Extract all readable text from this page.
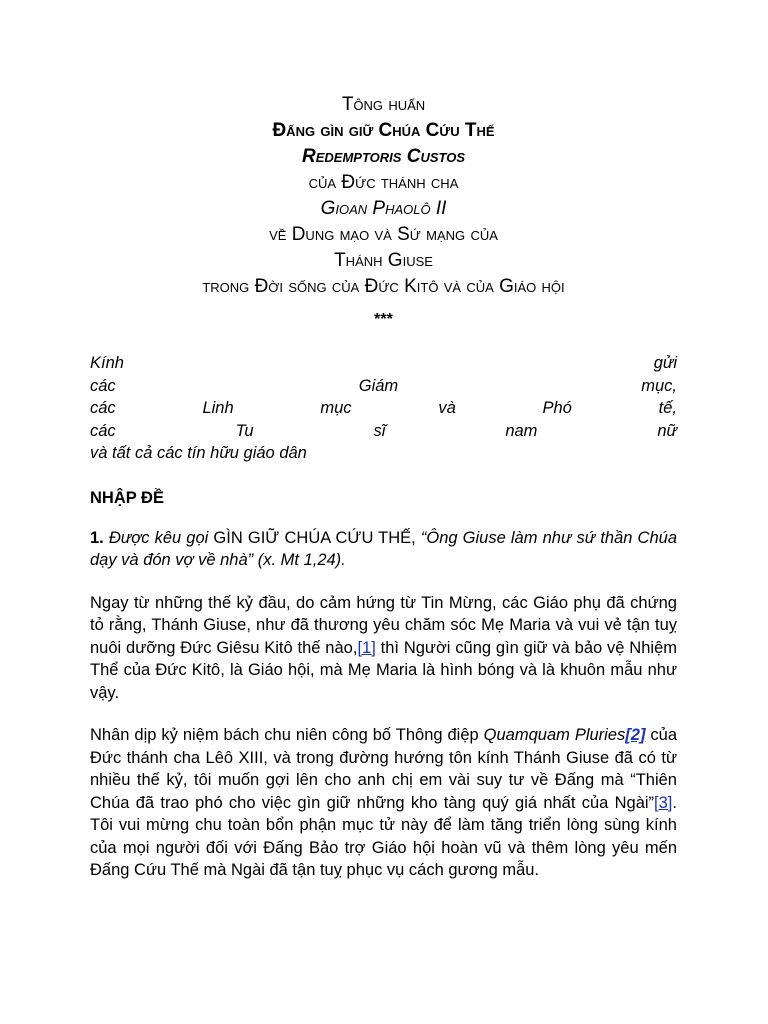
Tông huấn
Đấng gìn giữ Chúa Cứu Thế
Redemptoris Custos
của Đức thánh cha
Gioan Phaolô II
về Dung mạo và Sứ mạng của
Thánh Giuse
trong Đời sống của Đức Kitô và của Giáo hội
***
Kính	gửi
các	Giám	mục,
các	Linh	mục	và	Phó	tế,
các	Tu	sĩ	nam	nữ
và tất cả các tín hữu giáo dân
NHẬP ĐỀ

1. Được kêu gọi GÌN GIỮ CHÚA CỨU THẾ, “Ông Giuse làm như sứ thần Chúa dạy và đón vợ về nhà” (x. Mt 1,24).

Ngay từ những thế kỷ đầu, do cảm hứng từ Tin Mừng, các Giáo phụ đã chứng tỏ rằng, Thánh Giuse, như đã thương yêu chăm sóc Mẹ Maria và vui vẻ tận tuỵ nuôi dưỡng Đức Giêsu Kitô thế nào,[1] thì Người cũng gìn giữ và bảo vệ Nhiệm Thể của Đức Kitô, là Giáo hội, mà Mẹ Maria là hình bóng và là khuôn mẫu như vậy.

Nhân dịp kỷ niệm bách chu niên công bố Thông điệp Quamquam Pluries[2] của Đức thánh cha Lêô XIII, và trong đường hướng tôn kính Thánh Giuse đã có từ nhiều thế kỷ, tôi muốn gợi lên cho anh chị em vài suy tư về Đấng mà “Thiên Chúa đã trao phó cho việc gìn giữ những kho tàng quý giá nhất của Ngài”[3]. Tôi vui mừng chu toàn bổn phận mục tử này để làm tăng triển lòng sùng kính của mọi người đối với Đấng Bảo trợ Giáo hội hoàn vũ và thêm lòng yêu mến Đấng Cứu Thế mà Ngài đã tận tuỵ phục vụ cách gương mẫu.
